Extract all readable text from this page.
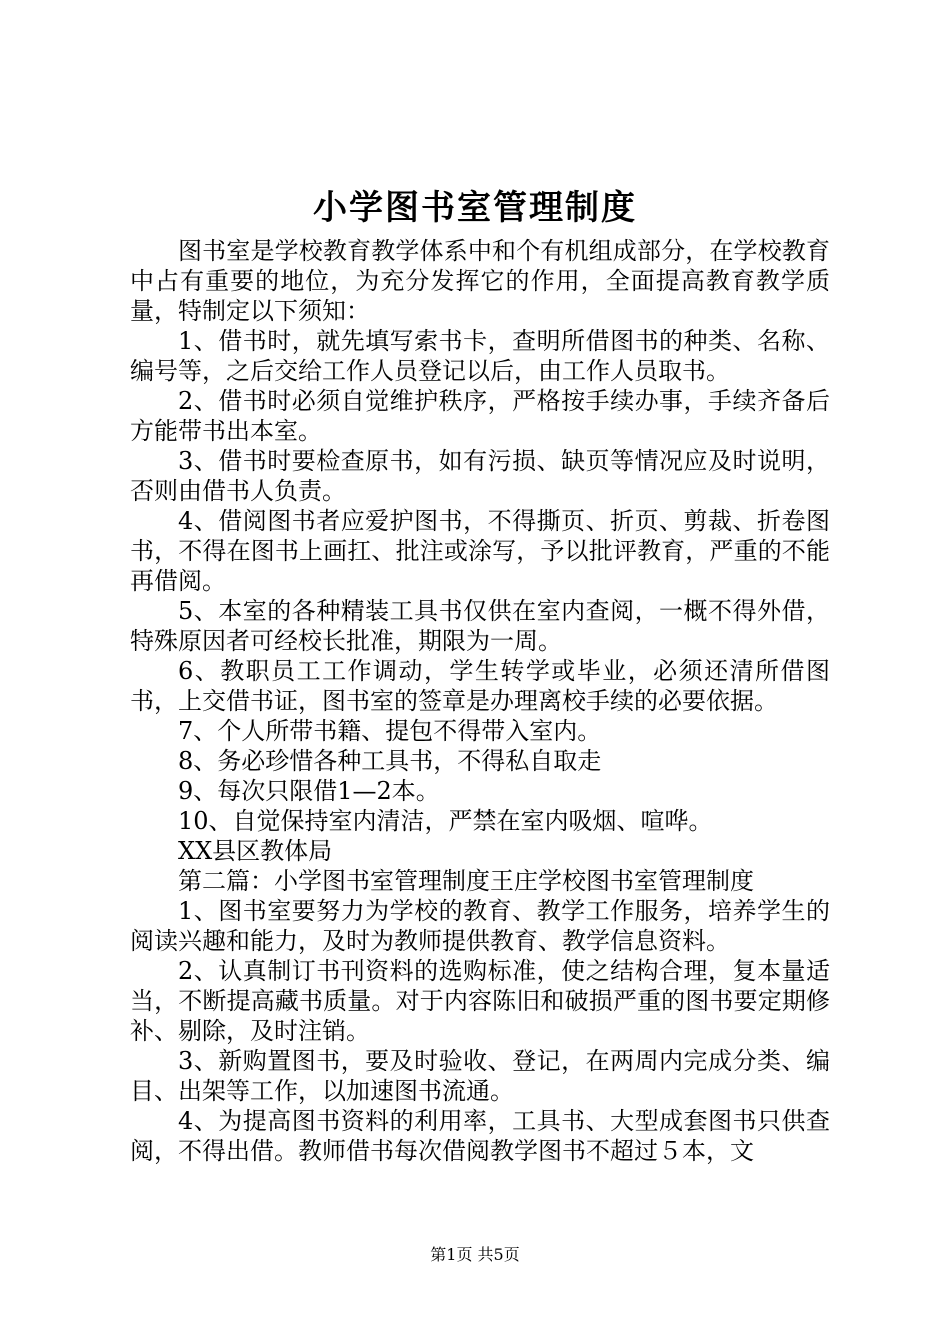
小学图书室管理制度

图书室是学校教育教学体系中和个有机组成部分，在学校教育中占有重要的地位，为充分发挥它的作用，全面提高教育教学质量，特制定以下须知：

1、借书时，就先填写索书卡，查明所借图书的种类、名称、编号等，之后交给工作人员登记以后，由工作人员取书。

2、借书时必须自觉维护秩序，严格按手续办事，手续齐备后方能带书出本室。

3、借书时要检查原书，如有污损、缺页等情况应及时说明，否则由借书人负责。

4、借阅图书者应爱护图书，不得撕页、折页、剪裁、折卷图书，不得在图书上画扛、批注或涂写，予以批评教育，严重的不能再借阅。

5、本室的各种精装工具书仅供在室内查阅，一概不得外借，特殊原因者可经校长批准，期限为一周。

6、教职员工工作调动，学生转学或毕业，必须还清所借图书，上交借书证，图书室的签章是办理离校手续的必要依据。

7、个人所带书籍、提包不得带入室内。

8、务必珍惜各种工具书，不得私自取走

9、每次只限借1—2本。

10、自觉保持室内清洁，严禁在室内吸烟、喧哗。

XX县区教体局

第二篇：小学图书室管理制度王庄学校图书室管理制度

1、图书室要努力为学校的教育、教学工作服务，培养学生的阅读兴趣和能力，及时为教师提供教育、教学信息资料。

2、认真制订书刊资料的选购标准，使之结构合理，复本量适当，不断提高藏书质量。对于内容陈旧和破损严重的图书要定期修补、剔除，及时注销。

3、新购置图书，要及时验收、登记，在两周内完成分类、编目、出架等工作，以加速图书流通。

4、为提高图书资料的利用率，工具书、大型成套图书只供查阅，不得出借。教师借书每次借阅教学图书不超过５本，文

第1页 共5页
